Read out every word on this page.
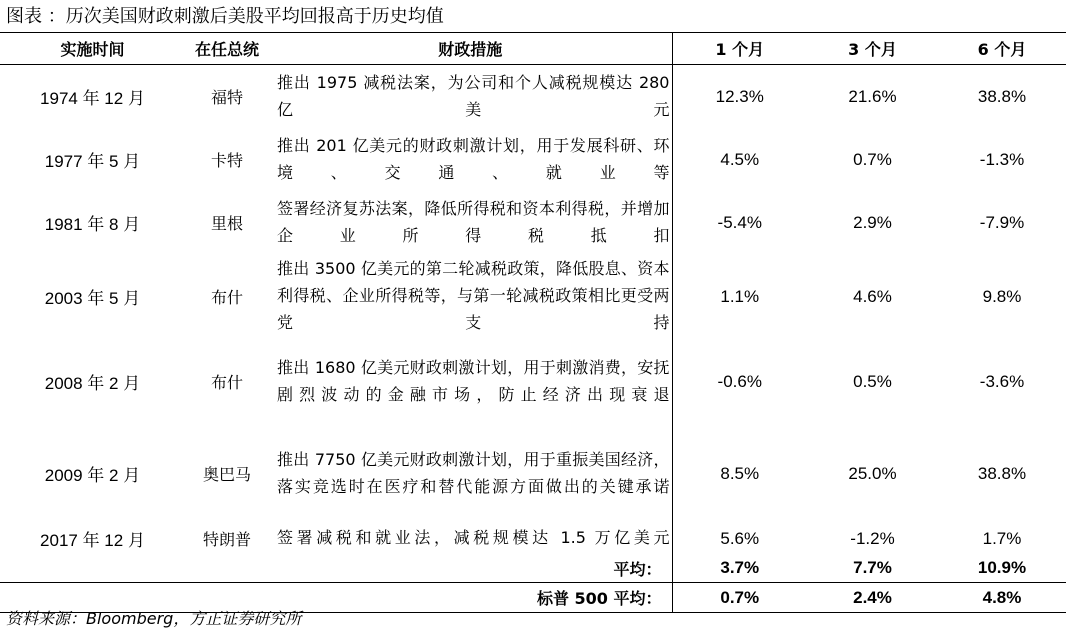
图表 ：历次美国财政刺激后美股平均回报高于历史均值
实施时间	在任总统	财政措施	1 个月	3 个月	6 个月
1974 年 12 月	福特	推出 1975 减税法案，为公司和个人减税规模达 280 亿美元	12.3%	21.6%	38.8%
1977 年 5 月	卡特	推出 201 亿美元的财政刺激计划，用于发展科研、环境、交通、就业等	4.5%	0.7%	-1.3%
1981 年 8 月	里根	签署经济复苏法案，降低所得税和资本利得税，并增加企业所得税抵扣	-5.4%	2.9%	-7.9%
2003 年 5 月	布什	推出 3500 亿美元的第二轮减税政策，降低股息、资本利得税、企业所得税等，与第一轮减税政策相比更受两党支持	1.1%	4.6%	9.8%
2008 年 2 月	布什	推出 1680 亿美元财政刺激计划，用于刺激消费，安抚剧烈波动的金融市场，防止经济出现衰退	-0.6%	0.5%	-3.6%
2009 年 2 月	奥巴马	推出 7750 亿美元财政刺激计划，用于重振美国经济，落实竞选时在医疗和替代能源方面做出的关键承诺	8.5%	25.0%	38.8%
2017 年 12 月	特朗普	签署减税和就业法，减税规模达 1.5 万亿美元	5.6%	-1.2%	1.7%
平均：			3.7%	7.7%	10.9%
标普 500 平均：			0.7%	2.4%	4.8%
资料来源：Bloomberg，方正证券研究所
